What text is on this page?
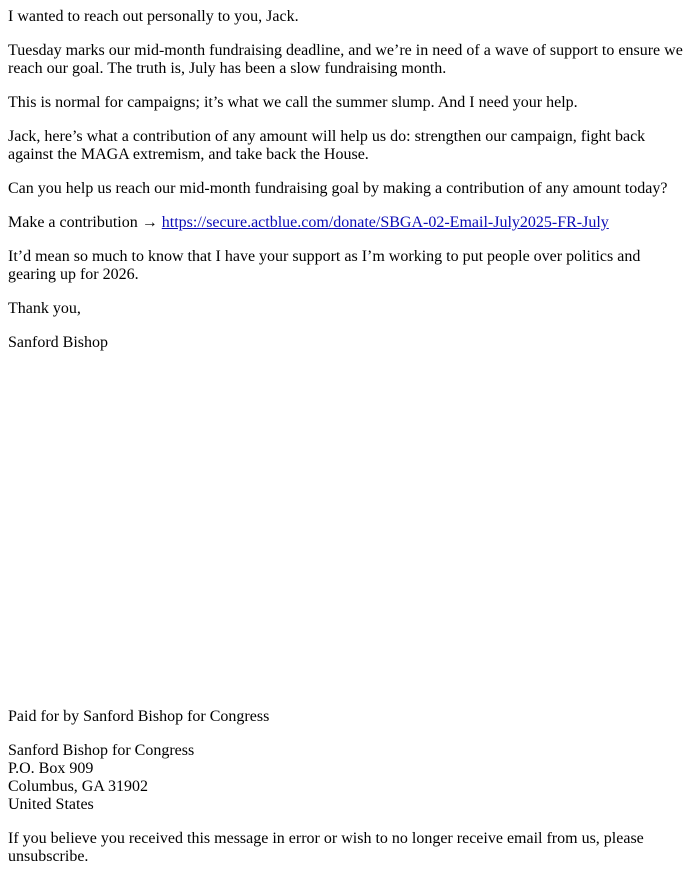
I wanted to reach out personally to you, Jack.

Tuesday marks our mid-month fundraising deadline, and we’re in need of a wave of support to ensure we reach our goal. The truth is, July has been a slow fundraising month.

This is normal for campaigns; it’s what we call the summer slump. And I need your help.

Jack, here’s what a contribution of any amount will help us do: strengthen our campaign, fight back against the MAGA extremism, and take back the House.

Can you help us reach our mid-month fundraising goal by making a contribution of any amount today?

Make a contribution → https://secure.actblue.com/donate/SBGA-02-Email-July2025-FR-July

It’d mean so much to know that I have your support as I’m working to put people over politics and gearing up for 2026.

Thank you,

Sanford Bishop

Paid for by Sanford Bishop for Congress

Sanford Bishop for Congress
P.O. Box 909
Columbus, GA 31902
United States

If you believe you received this message in error or wish to no longer receive email from us, please unsubscribe.
